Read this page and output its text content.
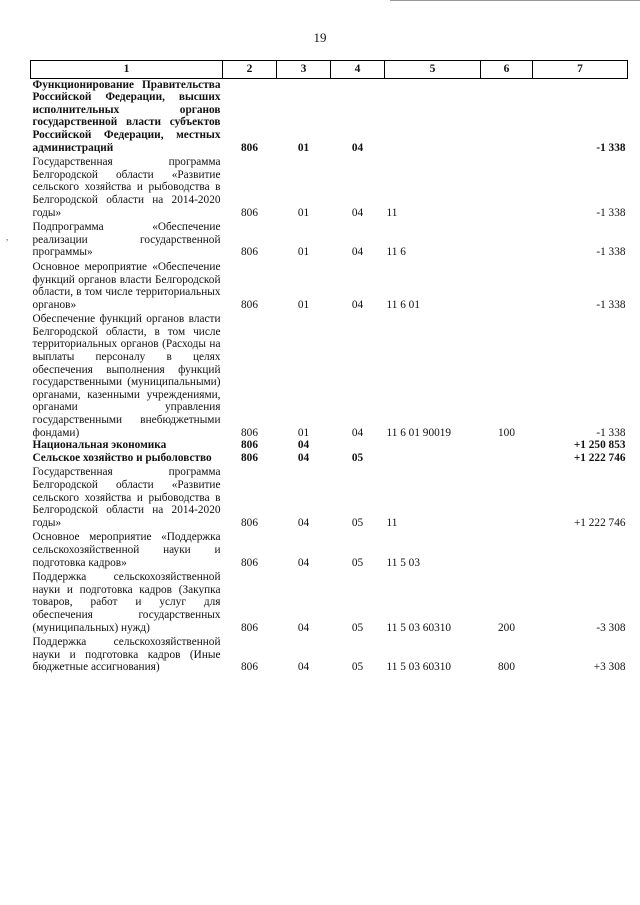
19
,
1	2	3	4	5	6	7
Функционирование Правительства Российской Федерации, высших исполнительных органов государственной власти субъектов Российской Федерации, местных администраций	806	01	04			-1 338
Государственная программа Белгородской области «Развитие сельского хозяйства и рыбоводства в Белгородской области на 2014-2020 годы»	806	01	04	11		-1 338
Подпрограмма «Обеспечение реализации государственной программы»	806	01	04	11 6		-1 338
Основное мероприятие «Обеспечение функций органов власти Белгородской области, в том числе территориальных органов»	806	01	04	11 6 01		-1 338
Обеспечение функций органов власти Белгородской области, в том числе территориальных органов (Расходы на выплаты персоналу в целях обеспечения выполнения функций государственными (муниципальными) органами, казенными учреждениями, органами управления государственными внебюджетными фондами)	806	01	04	11 6 01 90019	100	-1 338
Национальная экономика	806	04				+1 250 853
Сельское хозяйство и рыболовство	806	04	05			+1 222 746
Государственная программа Белгородской области «Развитие сельского хозяйства и рыбоводства в Белгородской области на 2014-2020 годы»	806	04	05	11		+1 222 746
Основное мероприятие «Поддержка сельскохозяйственной науки и подготовка кадров»	806	04	05	11 5 03		
Поддержка сельскохозяйственной науки и подготовка кадров (Закупка товаров, работ и услуг для обеспечения государственных (муниципальных) нужд)	806	04	05	11 5 03 60310	200	-3 308
Поддержка сельскохозяйственной науки и подготовка кадров (Иные бюджетные ассигнования)	806	04	05	11 5 03 60310	800	+3 308
